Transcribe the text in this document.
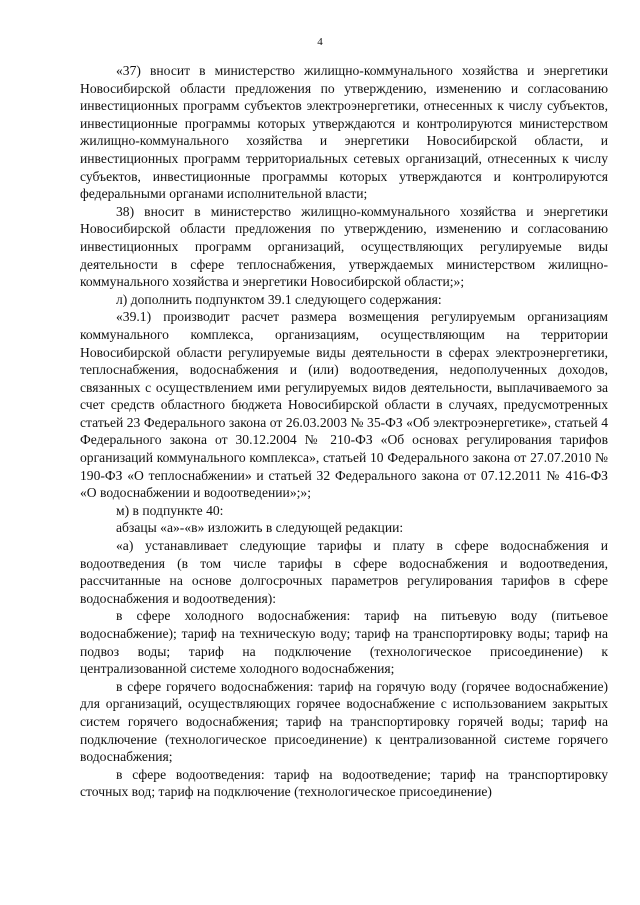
4

«37) вносит в министерство жилищно-коммунального хозяйства и энергетики Новосибирской области предложения по утверждению, изменению и согласованию инвестиционных программ субъектов электроэнергетики, отнесенных к числу субъектов, инвестиционные программы которых утверждаются и контролируются министерством жилищно-коммунального хозяйства и энергетики Новосибирской области, и инвестиционных программ территориальных сетевых организаций, отнесенных к числу субъектов, инвестиционные программы которых утверждаются и контролируются федеральными органами исполнительной власти;

38) вносит в министерство жилищно-коммунального хозяйства и энергетики Новосибирской области предложения по утверждению, изменению и согласованию инвестиционных программ организаций, осуществляющих регулируемые виды деятельности в сфере теплоснабжения, утверждаемых министерством жилищно-коммунального хозяйства и энергетики Новосибирской области;»;

л) дополнить подпунктом 39.1 следующего содержания:

«39.1) производит расчет размера возмещения регулируемым организациям коммунального комплекса, организациям, осуществляющим на территории Новосибирской области регулируемые виды деятельности в сферах электроэнергетики, теплоснабжения, водоснабжения и (или) водоотведения, недополученных доходов, связанных с осуществлением ими регулируемых видов деятельности, выплачиваемого за счет средств областного бюджета Новосибирской области в случаях, предусмотренных статьей 23 Федерального закона от 26.03.2003 № 35-ФЗ «Об электроэнергетике», статьей 4 Федерального закона от 30.12.2004 № 210-ФЗ «Об основах регулирования тарифов организаций коммунального комплекса», статьей 10 Федерального закона от 27.07.2010 № 190-ФЗ «О теплоснабжении» и статьей 32 Федерального закона от 07.12.2011 № 416-ФЗ «О водоснабжении и водоотведении»;»;

м) в подпункте 40:

абзацы «а»-«в» изложить в следующей редакции:

«а) устанавливает следующие тарифы и плату в сфере водоснабжения и водоотведения (в том числе тарифы в сфере водоснабжения и водоотведения, рассчитанные на основе долгосрочных параметров регулирования тарифов в сфере водоснабжения и водоотведения):

в сфере холодного водоснабжения: тариф на питьевую воду (питьевое водоснабжение); тариф на техническую воду; тариф на транспортировку воды; тариф на подвоз воды; тариф на подключение (технологическое присоединение) к централизованной системе холодного водоснабжения;

в сфере горячего водоснабжения: тариф на горячую воду (горячее водоснабжение) для организаций, осуществляющих горячее водоснабжение с использованием закрытых систем горячего водоснабжения; тариф на транспортировку горячей воды; тариф на подключение (технологическое присоединение) к централизованной системе горячего водоснабжения;

в сфере водоотведения: тариф на водоотведение; тариф на транспортировку сточных вод; тариф на подключение (технологическое присоединение)
